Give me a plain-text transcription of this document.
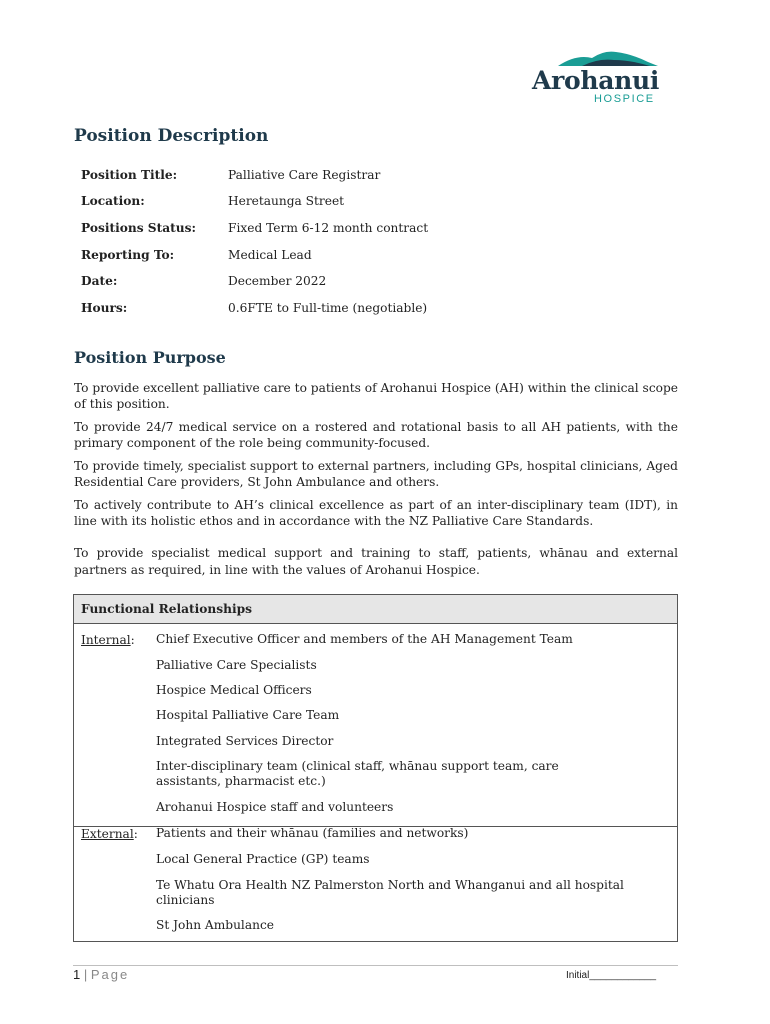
Arohanui
HOSPICE
Position Description
Position Title:	Palliative Care Registrar
Location:	Heretaunga Street
Positions Status:	Fixed Term 6-12 month contract
Reporting To:	Medical Lead
Date:	December 2022
Hours:	0.6FTE to Full-time (negotiable)
Position Purpose

To provide excellent palliative care to patients of Arohanui Hospice (AH) within the clinical scope of this position.

To provide 24/7 medical service on a rostered and rotational basis to all AH patients, with the primary component of the role being community-focused.

To provide timely, specialist support to external partners, including GPs, hospital clinicians, Aged Residential Care providers, St John Ambulance and others.

To actively contribute to AH’s clinical excellence as part of an inter-disciplinary team (IDT), in line with its holistic ethos and in accordance with the NZ Palliative Care Standards.

To provide specialist medical support and training to staff, patients, whānau and external partners as required, in line with the values of Arohanui Hospice.

Functional Relationships
Internal: Chief Executive Officer and members of the AH Management Team
Palliative Care Specialists
Hospice Medical Officers
Hospital Palliative Care Team
Integrated Services Director
Inter-disciplinary team (clinical staff, whānau support team, care assistants, pharmacist etc.)
Arohanui Hospice staff and volunteers
External: Patients and their whānau (families and networks)
Local General Practice (GP) teams
Te Whatu Ora Health NZ Palmerston North and Whanganui and all hospital clinicians
St John Ambulance
1 | Page	Initial____________
